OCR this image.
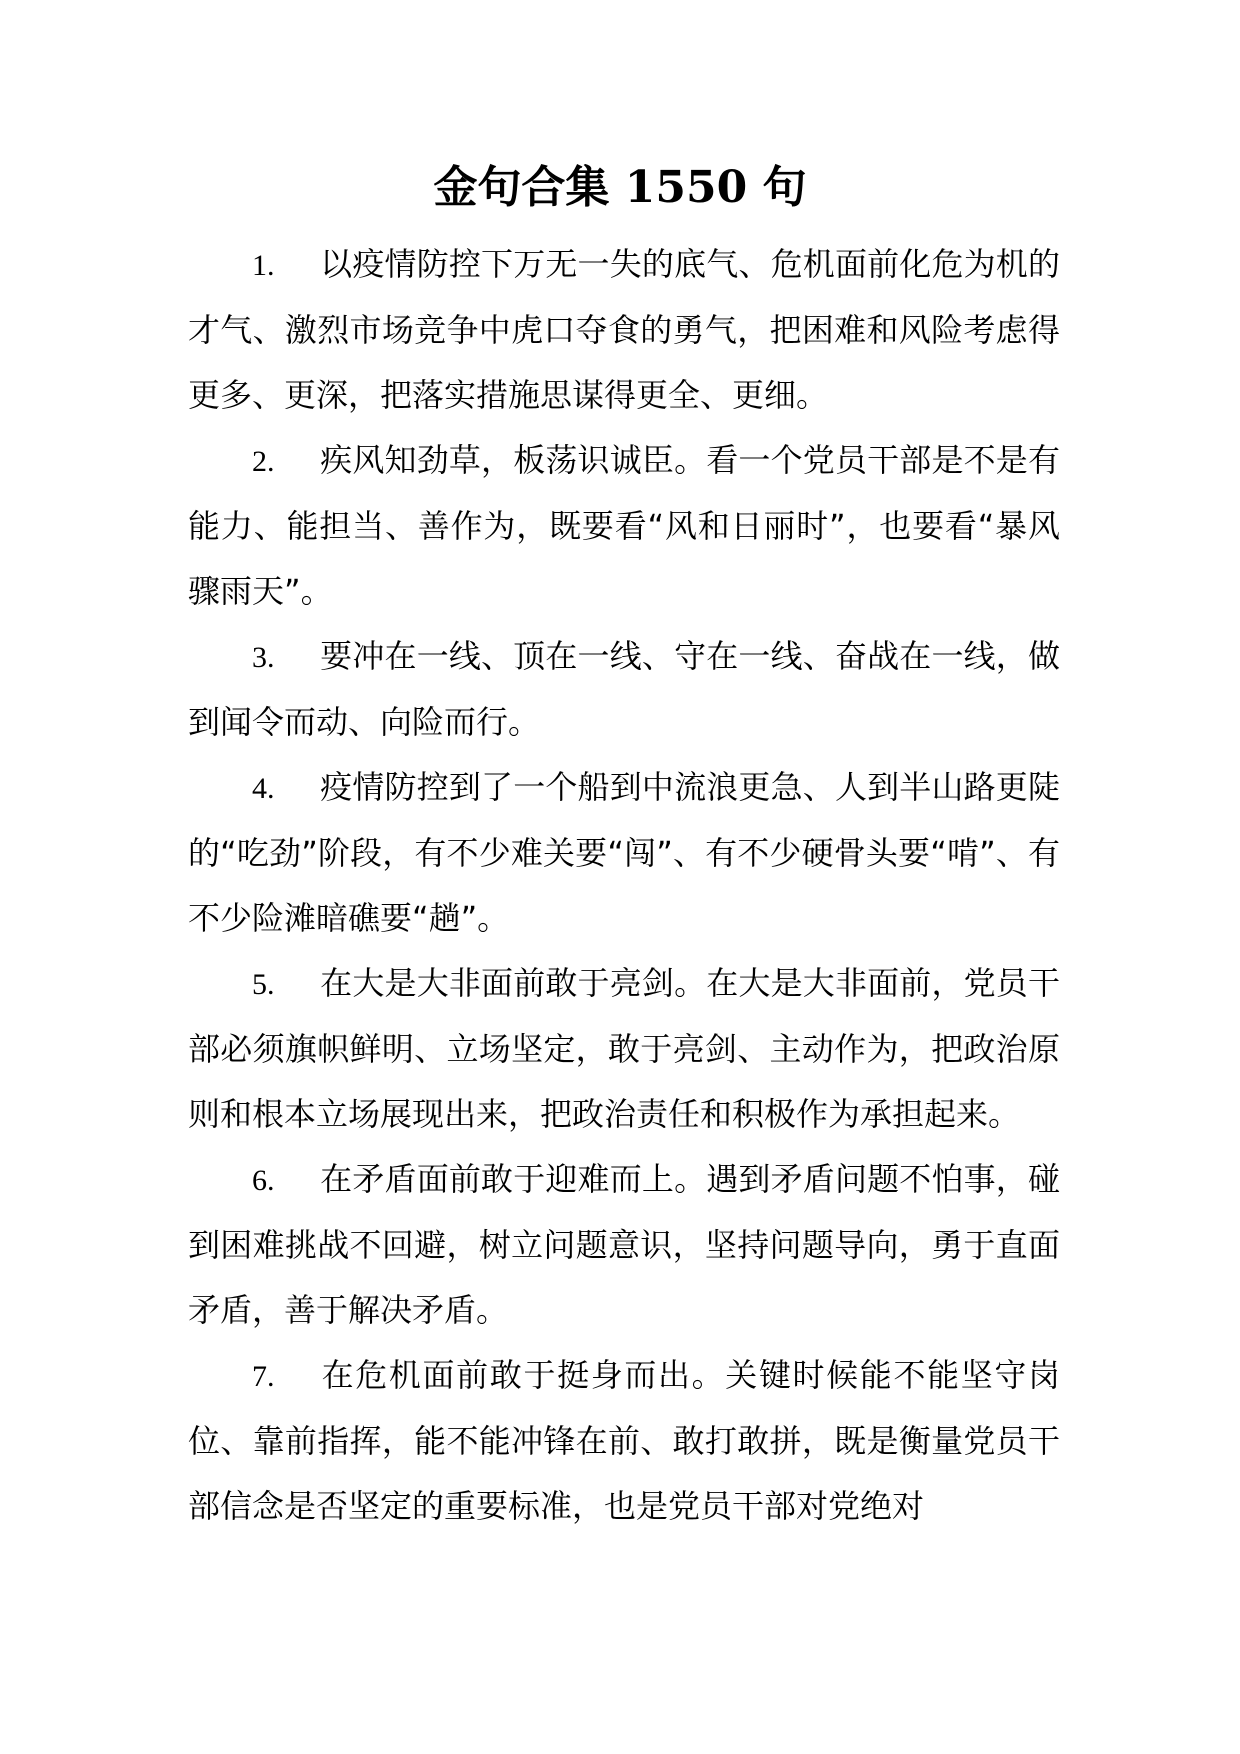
金句合集 1550 句

1. 以疫情防控下万无一失的底气、危机面前化危为机的才气、激烈市场竞争中虎口夺食的勇气，把困难和风险考虑得更多、更深，把落实措施思谋得更全、更细。

2. 疾风知劲草，板荡识诚臣。看一个党员干部是不是有能力、能担当、善作为，既要看“风和日丽时”，也要看“暴风骤雨天”。

3. 要冲在一线、顶在一线、守在一线、奋战在一线，做到闻令而动、向险而行。

4. 疫情防控到了一个船到中流浪更急、人到半山路更陡的“吃劲”阶段，有不少难关要“闯”、有不少硬骨头要“啃”、有不少险滩暗礁要“趟”。

5. 在大是大非面前敢于亮剑。在大是大非面前，党员干部必须旗帜鲜明、立场坚定，敢于亮剑、主动作为，把政治原则和根本立场展现出来，把政治责任和积极作为承担起来。

6. 在矛盾面前敢于迎难而上。遇到矛盾问题不怕事，碰到困难挑战不回避，树立问题意识，坚持问题导向，勇于直面矛盾，善于解决矛盾。

7. 在危机面前敢于挺身而出。关键时候能不能坚守岗位、靠前指挥，能不能冲锋在前、敢打敢拼，既是衡量党员干部信念是否坚定的重要标准，也是党员干部对党绝对
